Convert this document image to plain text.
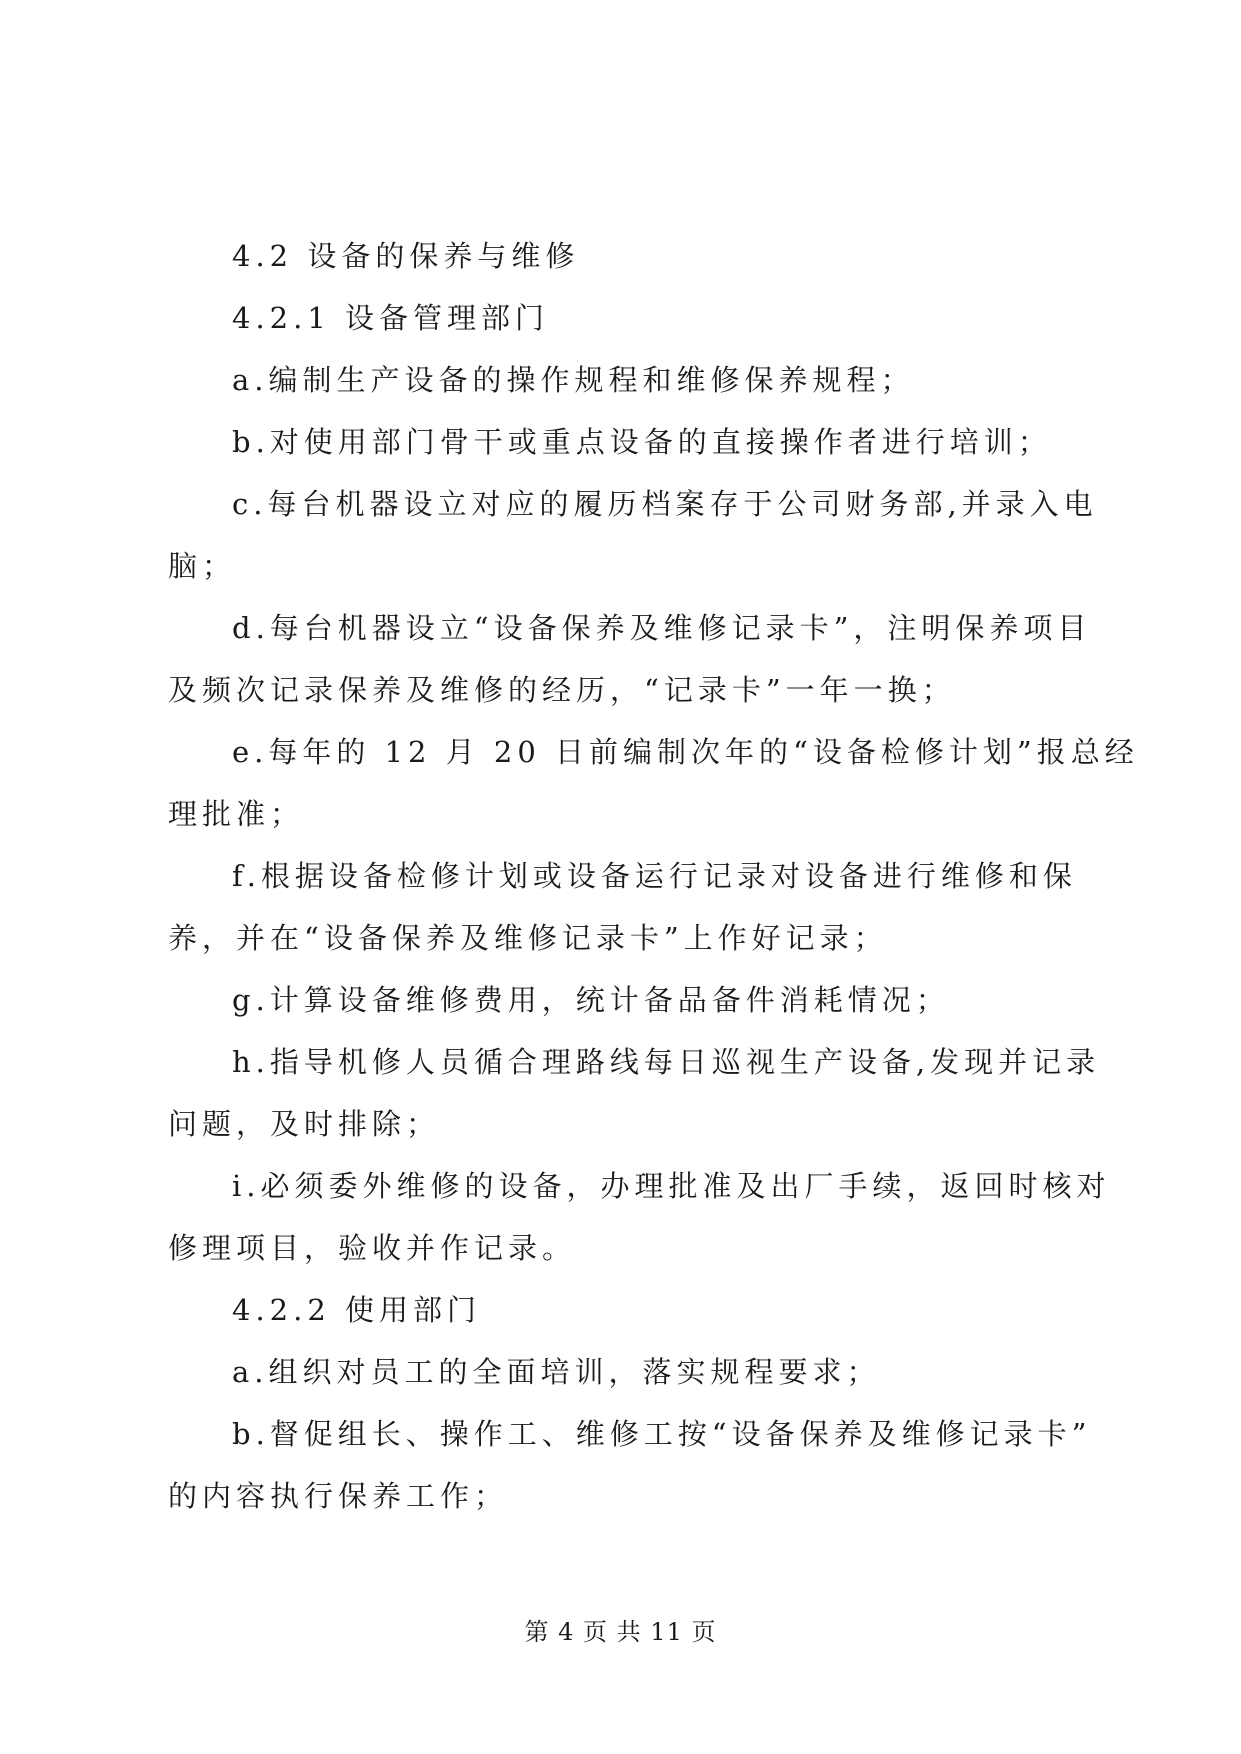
4.2 设备的保养与维修
4.2.1 设备管理部门
a.编制生产设备的操作规程和维修保养规程；
b.对使用部门骨干或重点设备的直接操作者进行培训；
c.每台机器设立对应的履历档案存于公司财务部,并录入电
脑；
d.每台机器设立“设备保养及维修记录卡”，注明保养项目
及频次记录保养及维修的经历，“记录卡”一年一换；
e.每年的 12 月 20 日前编制次年的“设备检修计划”报总经
理批准；
f.根据设备检修计划或设备运行记录对设备进行维修和保
养，并在“设备保养及维修记录卡”上作好记录；
g.计算设备维修费用，统计备品备件消耗情况；
h.指导机修人员循合理路线每日巡视生产设备,发现并记录
问题，及时排除；
i.必须委外维修的设备，办理批准及出厂手续，返回时核对
修理项目，验收并作记录。
4.2.2 使用部门
a.组织对员工的全面培训，落实规程要求；
b.督促组长、操作工、维修工按“设备保养及维修记录卡”
的内容执行保养工作；
第 4 页 共 11 页
